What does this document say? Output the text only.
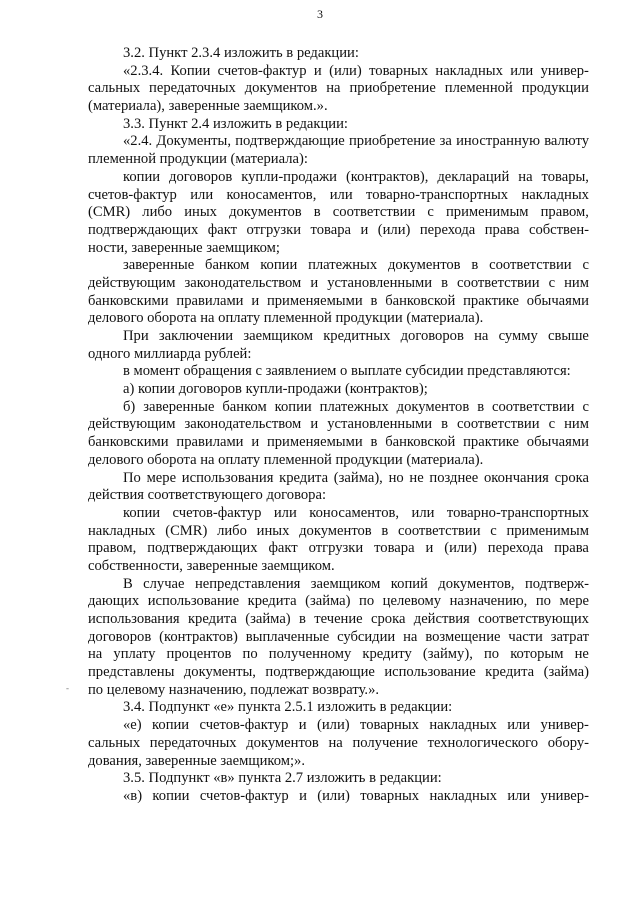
3
-
3.2. Пункт 2.3.4 изложить в редакции:
«2.3.4. Копии счетов-фактур и (или) товарных накладных или универ-
сальных передаточных документов на приобретение племенной продукции
(материала), заверенные заемщиком.».
3.3. Пункт 2.4 изложить в редакции:
«2.4. Документы, подтверждающие приобретение за иностранную валюту
племенной продукции (материала):
копии договоров купли-продажи (контрактов), деклараций на товары,
счетов-фактур или коносаментов, или товарно-транспортных накладных
(CMR) либо иных документов в соответствии с применимым правом,
подтверждающих факт отгрузки товара и (или) перехода права собствен-
ности, заверенные заемщиком;
заверенные банком копии платежных документов в соответствии с
действующим законодательством и установленными в соответствии с ним
банковскими правилами и применяемыми в банковской практике обычаями
делового оборота на оплату племенной продукции (материала).
При заключении заемщиком кредитных договоров на сумму свыше
одного миллиарда рублей:
в момент обращения с заявлением о выплате субсидии представляются:
а) копии договоров купли-продажи (контрактов);
б) заверенные банком копии платежных документов в соответствии с
действующим законодательством и установленными в соответствии с ним
банковскими правилами и применяемыми в банковской практике обычаями
делового оборота на оплату племенной продукции (материала).
По мере использования кредита (займа), но не позднее окончания срока
действия соответствующего договора:
копии счетов-фактур или коносаментов, или товарно-транспортных
накладных (CMR) либо иных документов в соответствии с применимым
правом, подтверждающих факт отгрузки товара и (или) перехода права
собственности, заверенные заемщиком.
В случае непредставления заемщиком копий документов, подтверж-
дающих использование кредита (займа) по целевому назначению, по мере
использования кредита (займа) в течение срока действия соответствующих
договоров (контрактов) выплаченные субсидии на возмещение части затрат
на уплату процентов по полученному кредиту (займу), по которым не
представлены документы, подтверждающие использование кредита (займа)
по целевому назначению, подлежат возврату.».
3.4. Подпункт «е» пункта 2.5.1 изложить в редакции:
«е) копии счетов-фактур и (или) товарных накладных или универ-
сальных передаточных документов на получение технологического обору-
дования, заверенные заемщиком;».
3.5. Подпункт «в» пункта 2.7 изложить в редакции:
«в) копии счетов-фактур и (или) товарных накладных или универ-
